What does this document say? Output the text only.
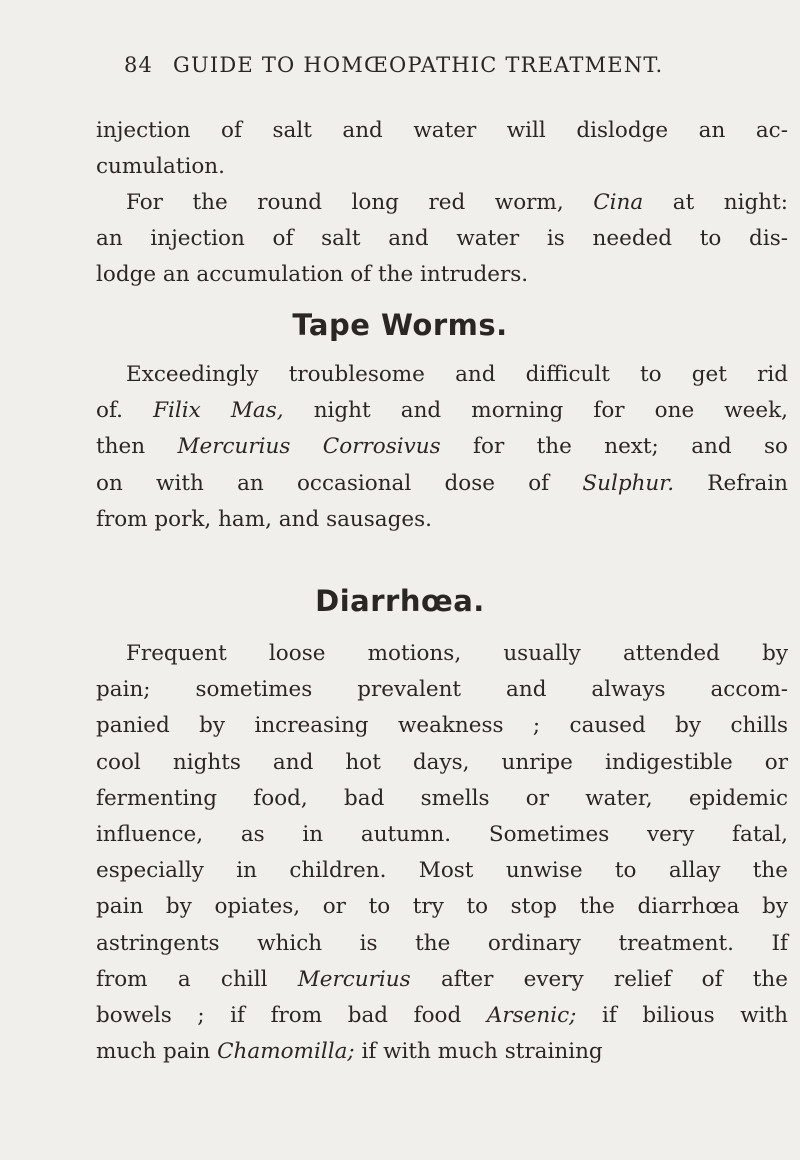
84 GUIDE TO HOMŒOPATHIC TREATMENT.

injection of salt and water will dislodge an ac-
cumulation.

For the round long red worm, Cina at night:
an injection of salt and water is needed to dis-
lodge an accumulation of the intruders.

Tape Worms.

Exceedingly troublesome and difficult to get rid
of. Filix Mas, night and morning for one week,
then Mercurius Corrosivus for the next; and so
on with an occasional dose of Sulphur. Refrain
from pork, ham, and sausages.

Diarrhœa.

Frequent loose motions, usually attended by
pain; sometimes prevalent and always accom-
panied by increasing weakness ; caused by chills
cool nights and hot days, unripe indigestible or
fermenting food, bad smells or water, epidemic
influence, as in autumn. Sometimes very fatal,
especially in children. Most unwise to allay the
pain by opiates, or to try to stop the diarrhœa by
astringents which is the ordinary treatment. If
from a chill Mercurius after every relief of the
bowels ; if from bad food Arsenic; if bilious with
much pain Chamomilla; if with much straining
